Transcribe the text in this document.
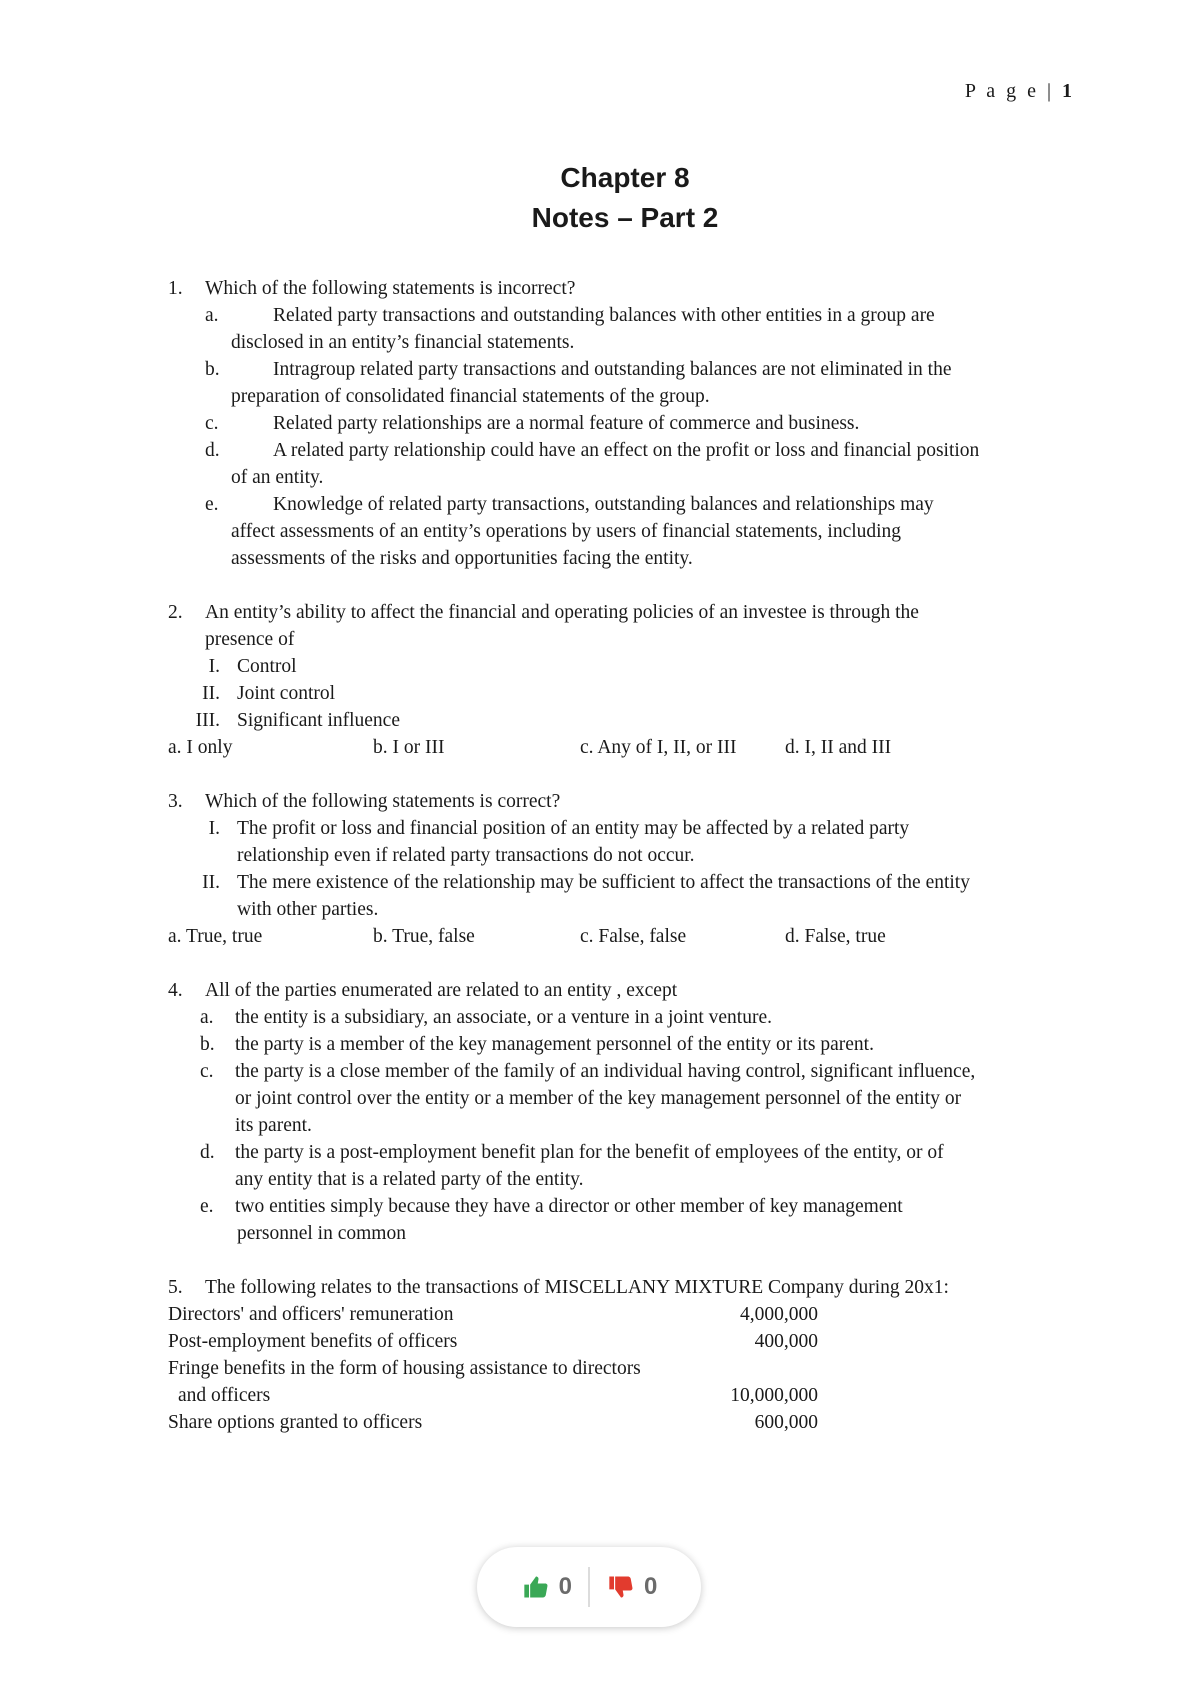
P a g e | 1
Chapter 8
Notes – Part 2
1. Which of the following statements is incorrect?
a.	Related party transactions and outstanding balances with other entities in a group are
disclosed in an entity’s financial statements.
b.	Intragroup related party transactions and outstanding balances are not eliminated in the
preparation of consolidated financial statements of the group.
c.	Related party relationships are a normal feature of commerce and business.
d.	A related party relationship could have an effect on the profit or loss and financial position
of an entity.
e.	Knowledge of related party transactions, outstanding balances and relationships may
affect assessments of an entity’s operations by users of financial statements, including
assessments of the risks and opportunities facing the entity.
2. An entity’s ability to affect the financial and operating policies of an investee is through the
presence of
I. Control
II. Joint control
III. Significant influence
a. I only	b. I or III	c. Any of I, II, or III d. I, II and III
3. Which of the following statements is correct?
I. The profit or loss and financial position of an entity may be affected by a related party
relationship even if related party transactions do not occur.
II. The mere existence of the relationship may be sufficient to affect the transactions of the entity
with other parties.
a. True, true	b. True, false	c. False, false	d. False, true
4. All of the parties enumerated are related to an entity , except
a. the entity is a subsidiary, an associate, or a venture in a joint venture.
b. the party is a member of the key management personnel of the entity or its parent.
c. the party is a close member of the family of an individual having control, significant influence,
or joint control over the entity or a member of the key management personnel of the entity or
its parent.
d. the party is a post-employment benefit plan for the benefit of employees of the entity, or of
any entity that is a related party of the entity.
e. two entities simply because they have a director or other member of key management
personnel in common
5. The following relates to the transactions of MISCELLANY MIXTURE Company during 20x1:
Directors' and officers' remuneration	4,000,000
Post-employment benefits of officers	400,000
Fringe benefits in the form of housing assistance to directors
and officers	10,000,000
Share options granted to officers	600,000
0	0
